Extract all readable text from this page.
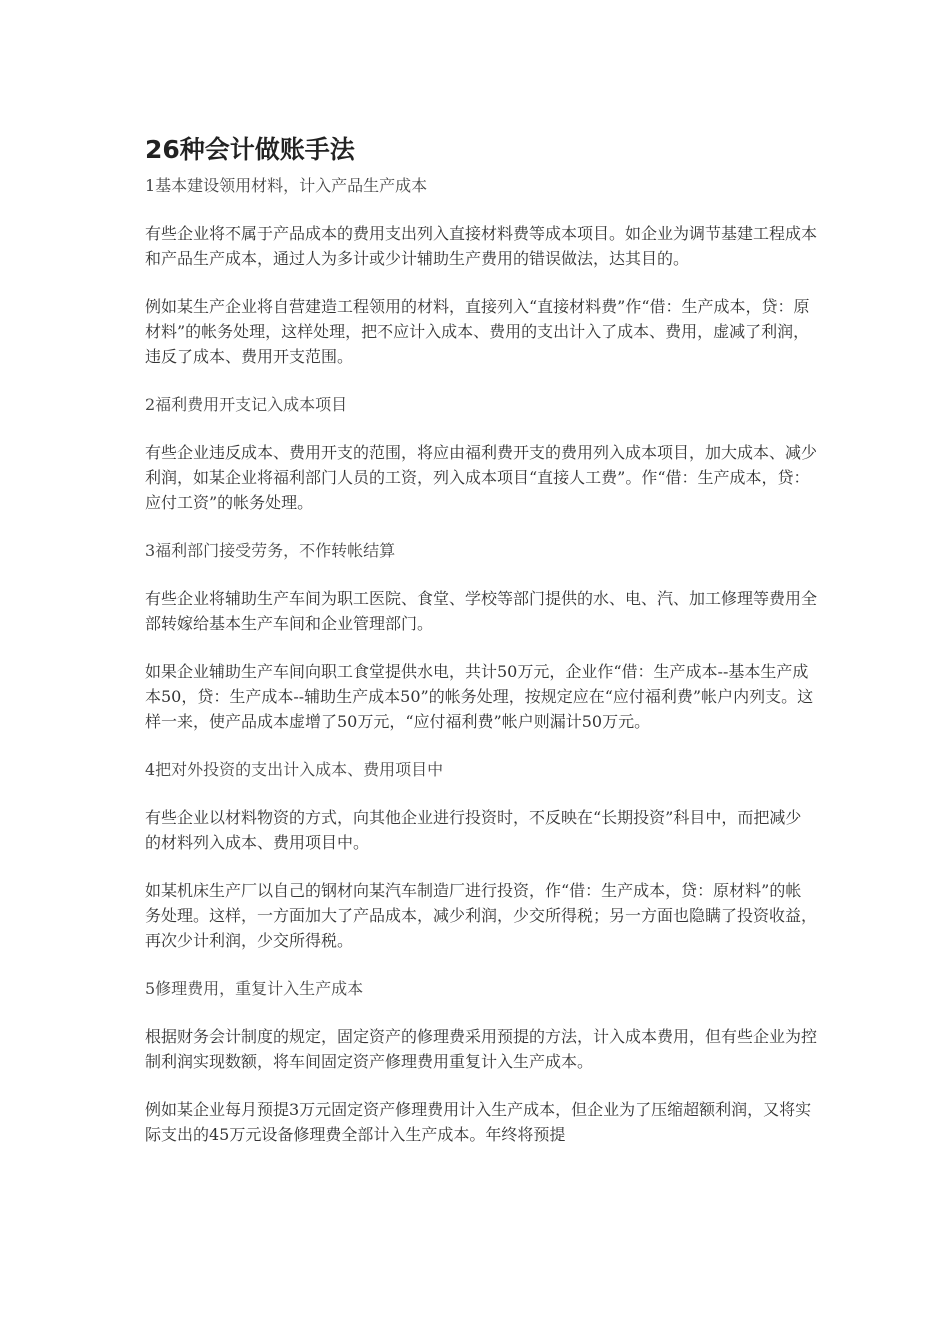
26种会计做账手法

1基本建设领用材料，计入产品生产成本

有些企业将不属于产品成本的费用支出列入直接材料费等成本项目。如企业为调节基建工程成本和产品生产成本，通过人为多计或少计辅助生产费用的错误做法，达其目的。

例如某生产企业将自营建造工程领用的材料，直接列入“直接材料费”作“借：生产成本，贷：原材料”的帐务处理，这样处理，把不应计入成本、费用的支出计入了成本、费用，虚减了利润，违反了成本、费用开支范围。

2福利费用开支记入成本项目

有些企业违反成本、费用开支的范围，将应由福利费开支的费用列入成本项目，加大成本、减少利润，如某企业将福利部门人员的工资，列入成本项目“直接人工费”。作“借：生产成本，贷：应付工资”的帐务处理。

3福利部门接受劳务，不作转帐结算

有些企业将辅助生产车间为职工医院、食堂、学校等部门提供的水、电、汽、加工修理等费用全部转嫁给基本生产车间和企业管理部门。

如果企业辅助生产车间向职工食堂提供水电，共计50万元，企业作“借：生产成本--基本生产成本50，贷：生产成本--辅助生产成本50”的帐务处理，按规定应在“应付福利费”帐户内列支。这样一来，使产品成本虚增了50万元，“应付福利费”帐户则漏计50万元。

4把对外投资的支出计入成本、费用项目中

有些企业以材料物资的方式，向其他企业进行投资时，不反映在“长期投资”科目中，而把减少的材料列入成本、费用项目中。

如某机床生产厂以自己的钢材向某汽车制造厂进行投资，作“借：生产成本，贷：原材料”的帐务处理。这样，一方面加大了产品成本，减少利润，少交所得税；另一方面也隐瞒了投资收益，再次少计利润，少交所得税。

5修理费用，重复计入生产成本

根据财务会计制度的规定，固定资产的修理费采用预提的方法，计入成本费用，但有些企业为控制利润实现数额，将车间固定资产修理费用重复计入生产成本。

例如某企业每月预提3万元固定资产修理费用计入生产成本，但企业为了压缩超额利润，又将实际支出的45万元设备修理费全部计入生产成本。年终将预提
